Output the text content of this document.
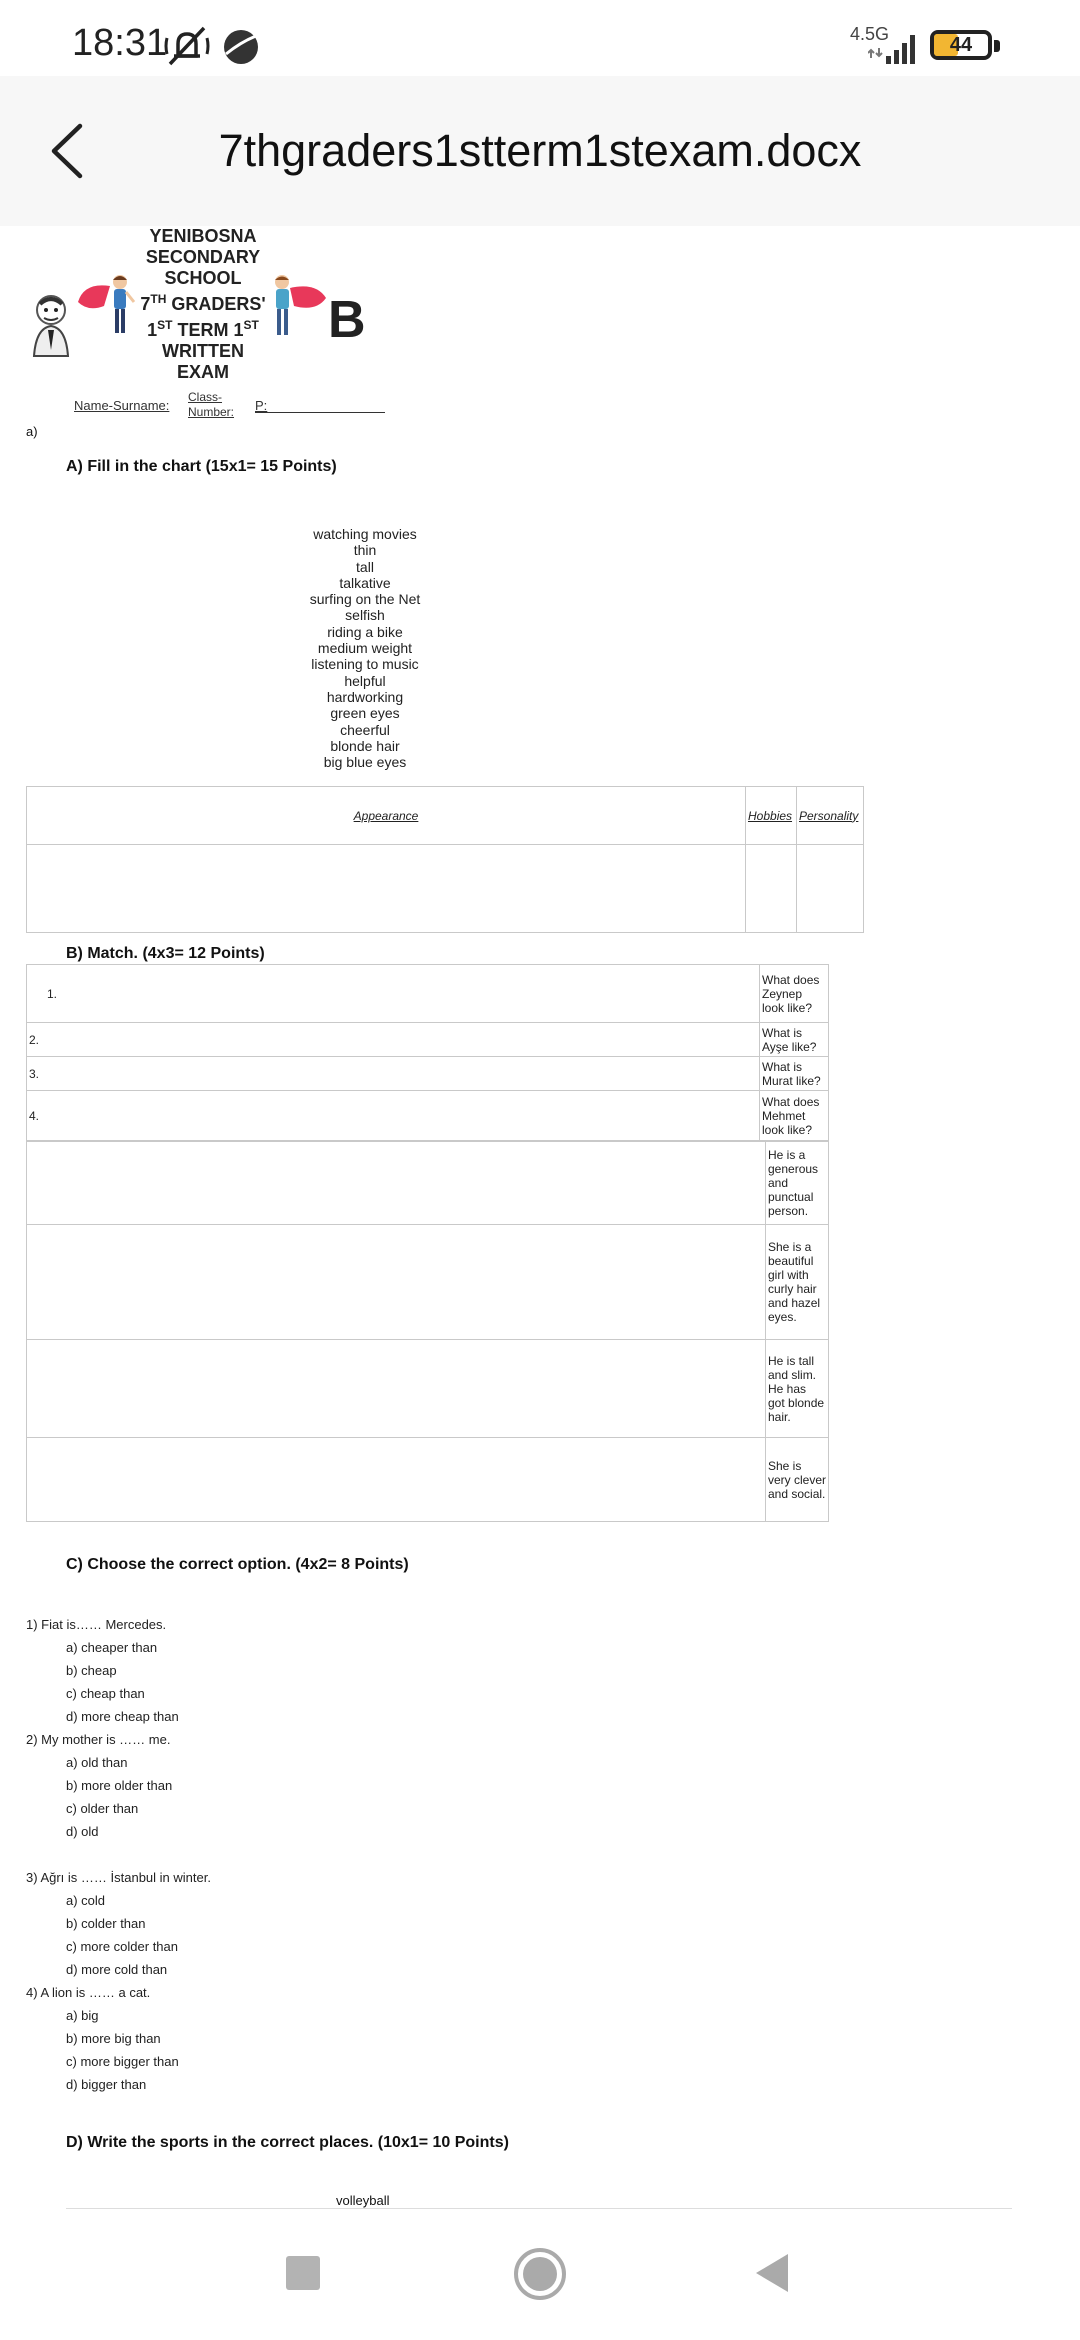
18:31	4.5G	44
7thgraders1stterm1stexam.docx
YENIBOSNA
SECONDARY
SCHOOL
7TH GRADERS'
1ST TERM 1ST
WRITTEN
EXAM
B
Name-Surname:
Class-
Number: P:
a)
A) Fill in the chart (15x1= 15 Points)
watching movies
thin
tall
talkative
surfing on the Net
selfish
riding a bike
medium weight
listening to music
helpful
hardworking
green eyes
cheerful
blonde hair
big blue eyes
Appearance	Hobbies	Personality

B) Match. (4x3= 12 Points)
1.	What does Zeynep look like?
2.	What is Ayşe like?
3.	What is Murat like?
4.	What does Mehmet look like?
	He is a generous and punctual person.
	She is a beautiful girl with curly hair and hazel eyes.
	He is tall and slim. He has got blonde hair.
	She is very clever and social.
C) Choose the correct option. (4x2= 8 Points)
1) Fiat is…… Mercedes.
a) cheaper than
b) cheap
c) cheap than
d) more cheap than
2) My mother is …… me.
a) old than
b) more older than
c) older than
d) old
3) Ağrı is …… İstanbul in winter.
a) cold
b) colder than
c) more colder than
d) more cold than
4) A lion is …… a cat.
a) big
b) more big than
c) more bigger than
d) bigger than
D) Write the sports in the correct places. (10x1= 10 Points)
volleyball
